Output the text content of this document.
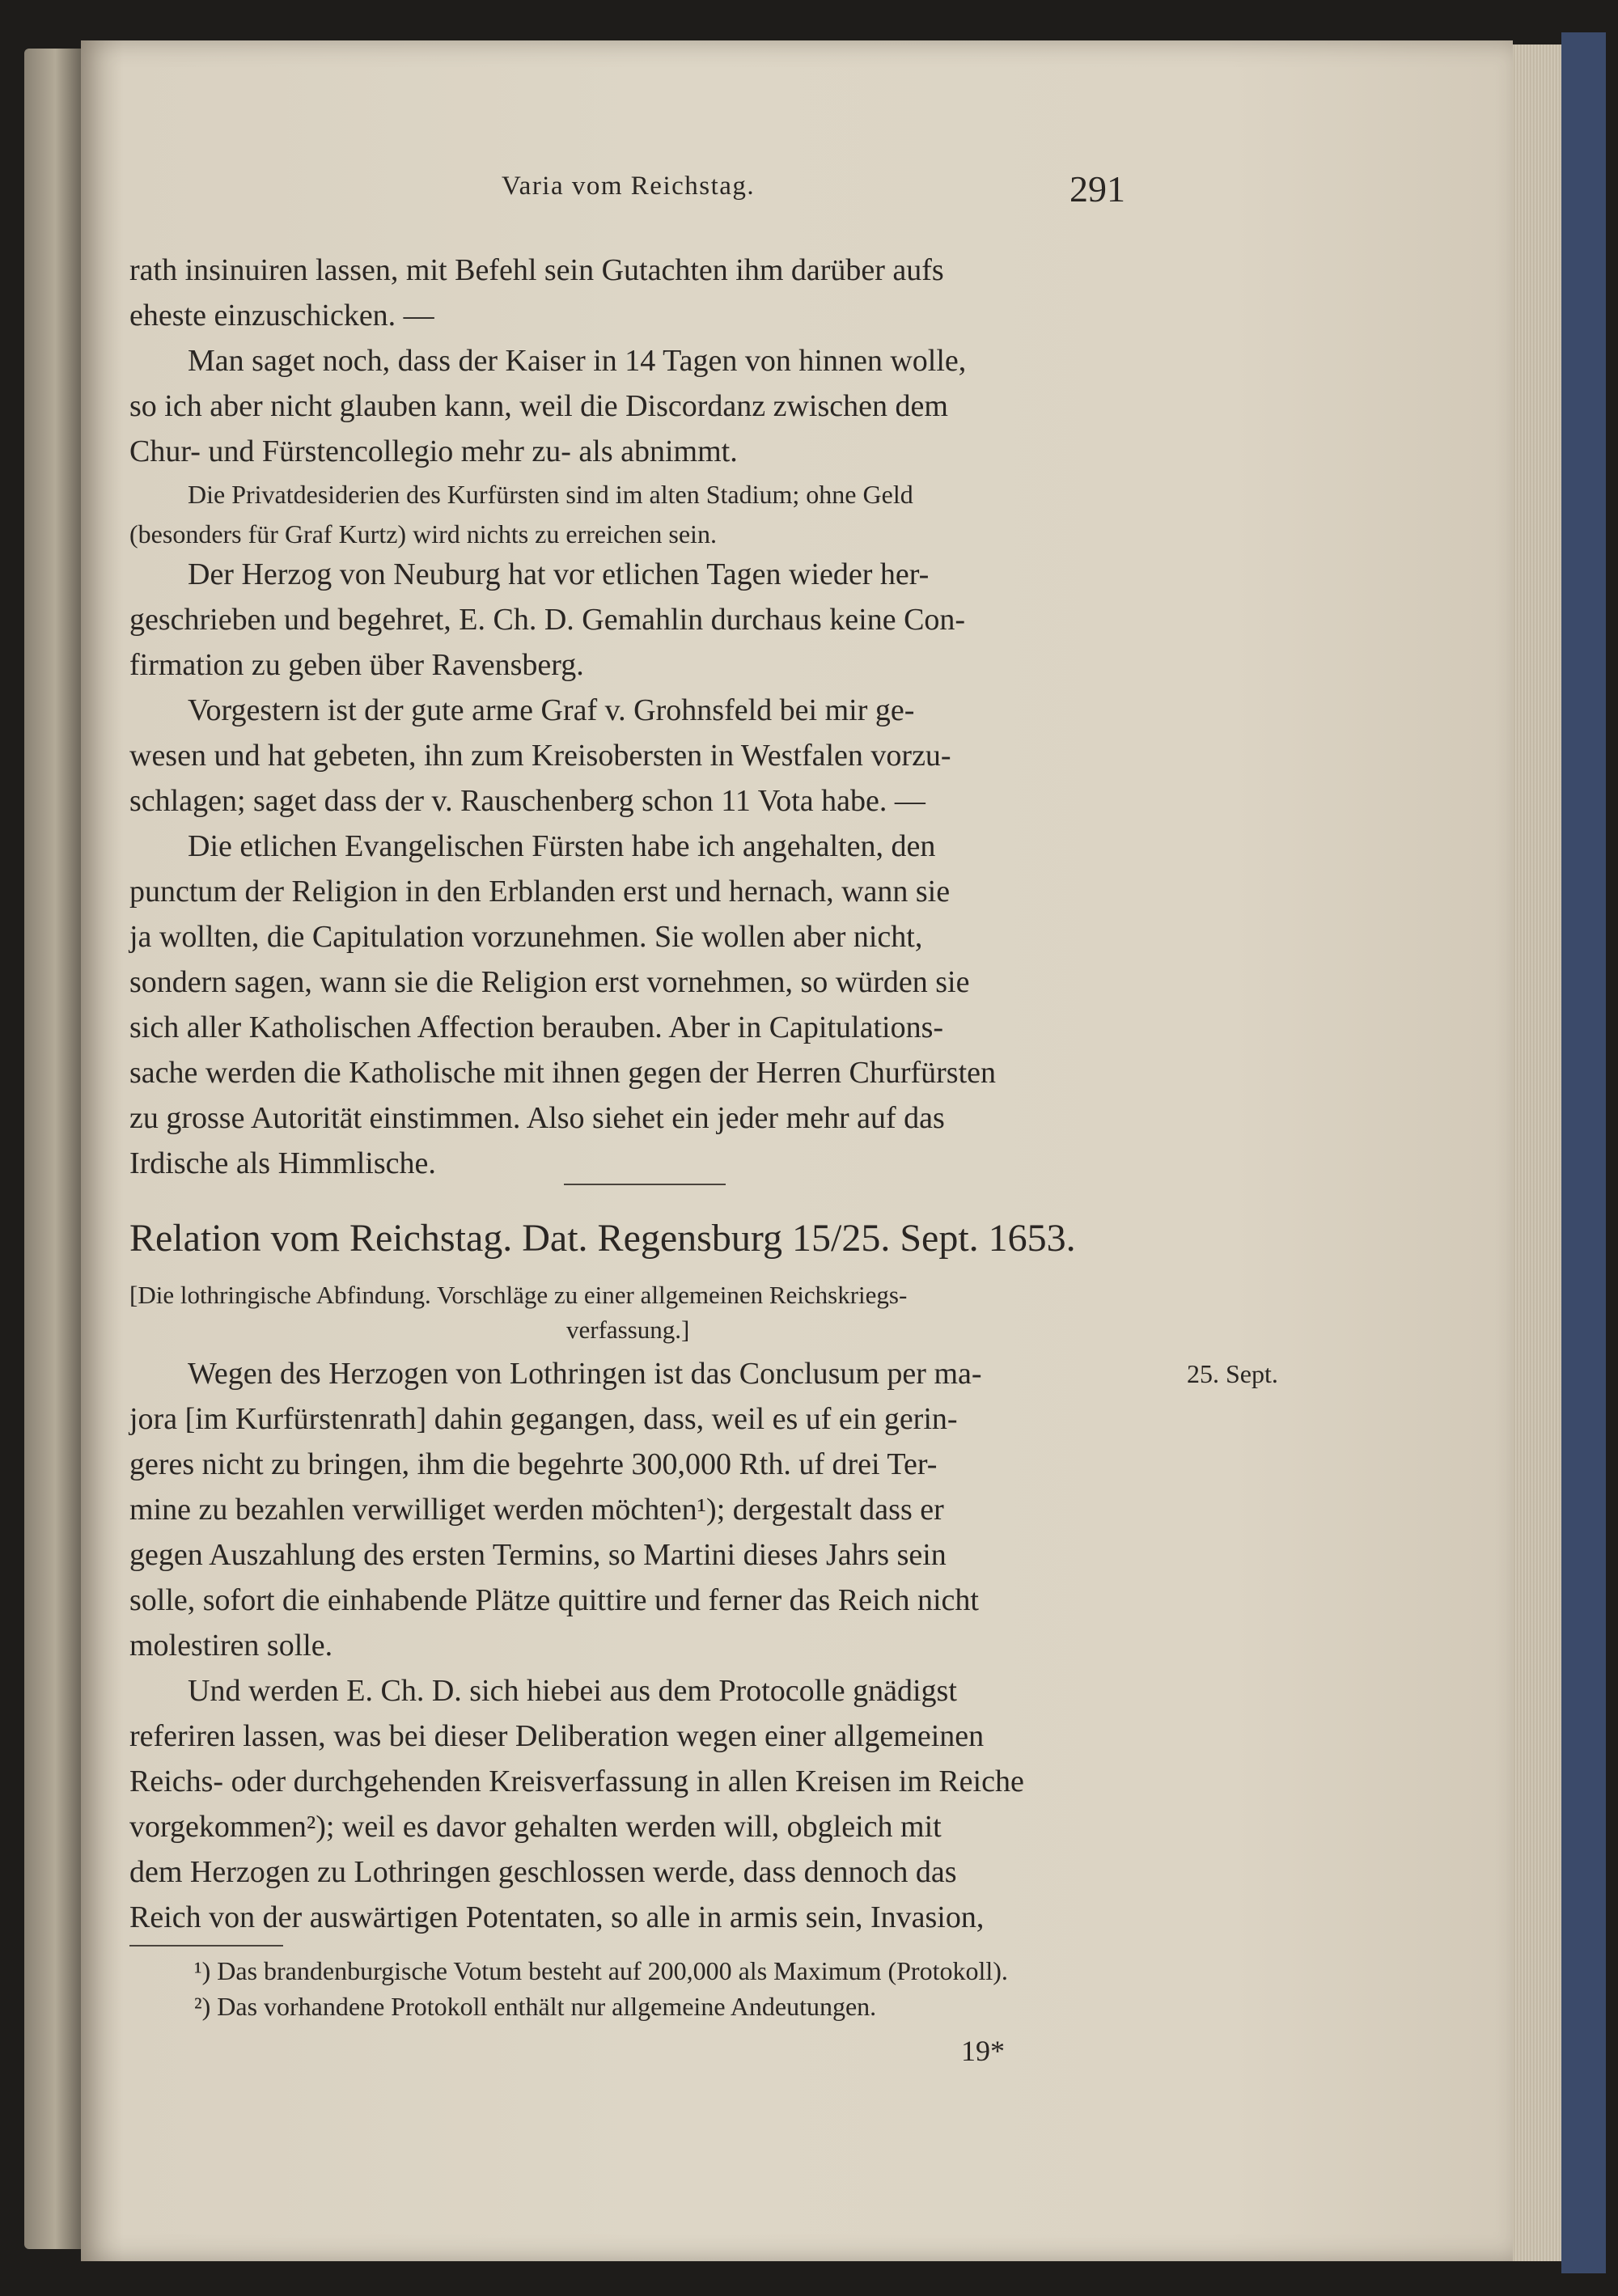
Varia vom Reichstag.	291
rath insinuiren lassen, mit Befehl sein Gutachten ihm darüber aufs
eheste einzuschicken. —
Man saget noch, dass der Kaiser in 14 Tagen von hinnen wolle,
so ich aber nicht glauben kann, weil die Discordanz zwischen dem
Chur- und Fürstencollegio mehr zu- als abnimmt.
Die Privatdesiderien des Kurfürsten sind im alten Stadium; ohne Geld
(besonders für Graf Kurtz) wird nichts zu erreichen sein.
Der Herzog von Neuburg hat vor etlichen Tagen wieder her-
geschrieben und begehret, E. Ch. D. Gemahlin durchaus keine Con-
firmation zu geben über Ravensberg.
Vorgestern ist der gute arme Graf v. Grohnsfeld bei mir ge-
wesen und hat gebeten, ihn zum Kreisobersten in Westfalen vorzu-
schlagen; saget dass der v. Rauschenberg schon 11 Vota habe. —
Die etlichen Evangelischen Fürsten habe ich angehalten, den
punctum der Religion in den Erblanden erst und hernach, wann sie
ja wollten, die Capitulation vorzunehmen. Sie wollen aber nicht,
sondern sagen, wann sie die Religion erst vornehmen, so würden sie
sich aller Katholischen Affection berauben. Aber in Capitulations-
sache werden die Katholische mit ihnen gegen der Herren Churfürsten
zu grosse Autorität einstimmen. Also siehet ein jeder mehr auf das
Irdische als Himmlische.
Relation vom Reichstag. Dat. Regensburg 15/25. Sept. 1653.
[Die lothringische Abfindung. Vorschläge zu einer allgemeinen Reichskriegs-
verfassung.]
25. Sept.
Wegen des Herzogen von Lothringen ist das Conclusum per ma-
jora [im Kurfürstenrath] dahin gegangen, dass, weil es uf ein gerin-
geres nicht zu bringen, ihm die begehrte 300,000 Rth. uf drei Ter-
mine zu bezahlen verwilliget werden möchten¹); dergestalt dass er
gegen Auszahlung des ersten Termins, so Martini dieses Jahrs sein
solle, sofort die einhabende Plätze quittire und ferner das Reich nicht
molestiren solle.
Und werden E. Ch. D. sich hiebei aus dem Protocolle gnädigst
referiren lassen, was bei dieser Deliberation wegen einer allgemeinen
Reichs- oder durchgehenden Kreisverfassung in allen Kreisen im Reiche
vorgekommen²); weil es davor gehalten werden will, obgleich mit
dem Herzogen zu Lothringen geschlossen werde, dass dennoch das
Reich von der auswärtigen Potentaten, so alle in armis sein, Invasion,
¹) Das brandenburgische Votum besteht auf 200,000 als Maximum (Protokoll).
²) Das vorhandene Protokoll enthält nur allgemeine Andeutungen.
19*
